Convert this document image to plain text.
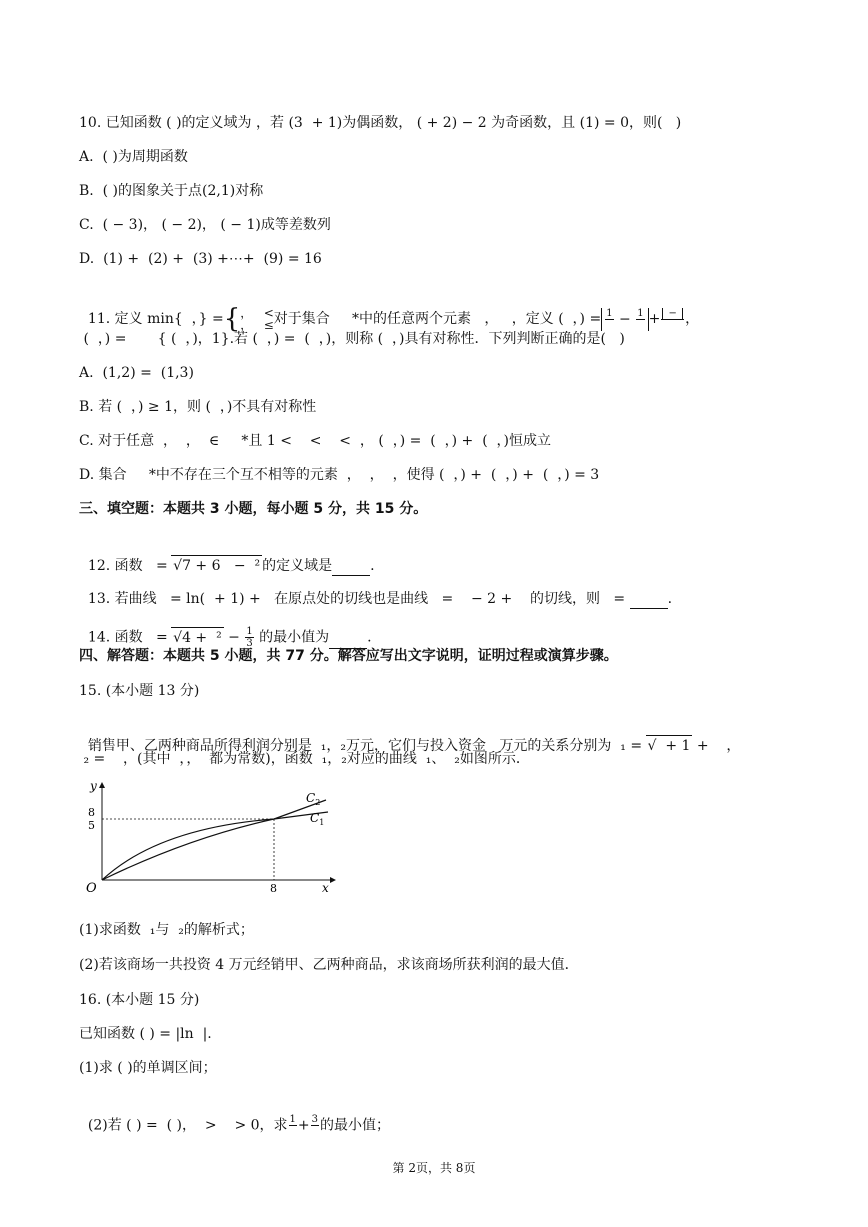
10. 已知函数 ( )的定义域为 ，若 (3  + 1)为偶函数， ( + 2) − 2 为奇函数，且 (1) = 0，则(   )
A.  ( )为周期函数
B.  ( )的图象关于点(2,1)对称
C.  ( − 3)， ( − 2)， ( − 1)成等差数列
D.  (1) +  (2) +  (3) +⋯+  (9) = 16

11. 定义 min{  ，} ={ ，   <
，   ≤ 对于集合     *中的任意两个元素   ，   ，定义 (  ，) = 1
− 1
+ −
，

(  ，) =       { (  ，)，1}.若 (  ，) =  (  ，)，则称 (  ，)具有对称性．下列判断正确的是(   )
A.  (1,2) =  (1,3)
B. 若 (  ，) ≥ 1，则 (  ，)不具有对称性
C. 对于任意  ，  ，  ∈     *且 1 <    <    <  ， (  ，) =  (  ，) +  (  ，)恒成立
D. 集合     *中不存在三个互不相等的元素  ，  ，  ，使得 (  ，) +  (  ，) +  (  ，) = 3
三、填空题：本题共 3 小题，每小题 5 分，共 15 分。

12. 函数   = √7 + 6   −  ² 的定义域是	.

13. 若曲线   = ln(  + 1) +   在原点处的切线也是曲线   =    − 2 +    的切线，则   =	.

14. 函数   = $√4 + ^2 - \frac{1}{3}$ 的最小值为	.

四、解答题：本题共 5 小题，共 77 分。解答应写出文字说明，证明过程或演算步骤。
15. (本小题 13 分)

销售甲、乙两种商品所得利润分别是  ₁，₂万元，它们与投入资金   万元的关系分别为  ₁ = √  + 1 +    ，

₂ =    ，(其中  ，，  都为常数)，函数  ₁，₂对应的曲线  ₁、  ₂如图所示．
y
x
O
8
5
8
$C_2$
$C_1$
(1)求函数  ₁与  ₂的解析式；
(2)若该商场一共投资 4 万元经销甲、乙两种商品，求该商场所获利润的最大值．
16. (本小题 15 分)
已知函数 ( ) = |ln  |.
(1)求 ( )的单调区间；

(2)若 ( ) =  ( )，  >    > 0，求 1
+ 3
的最小值；

第 2页，共 8页
